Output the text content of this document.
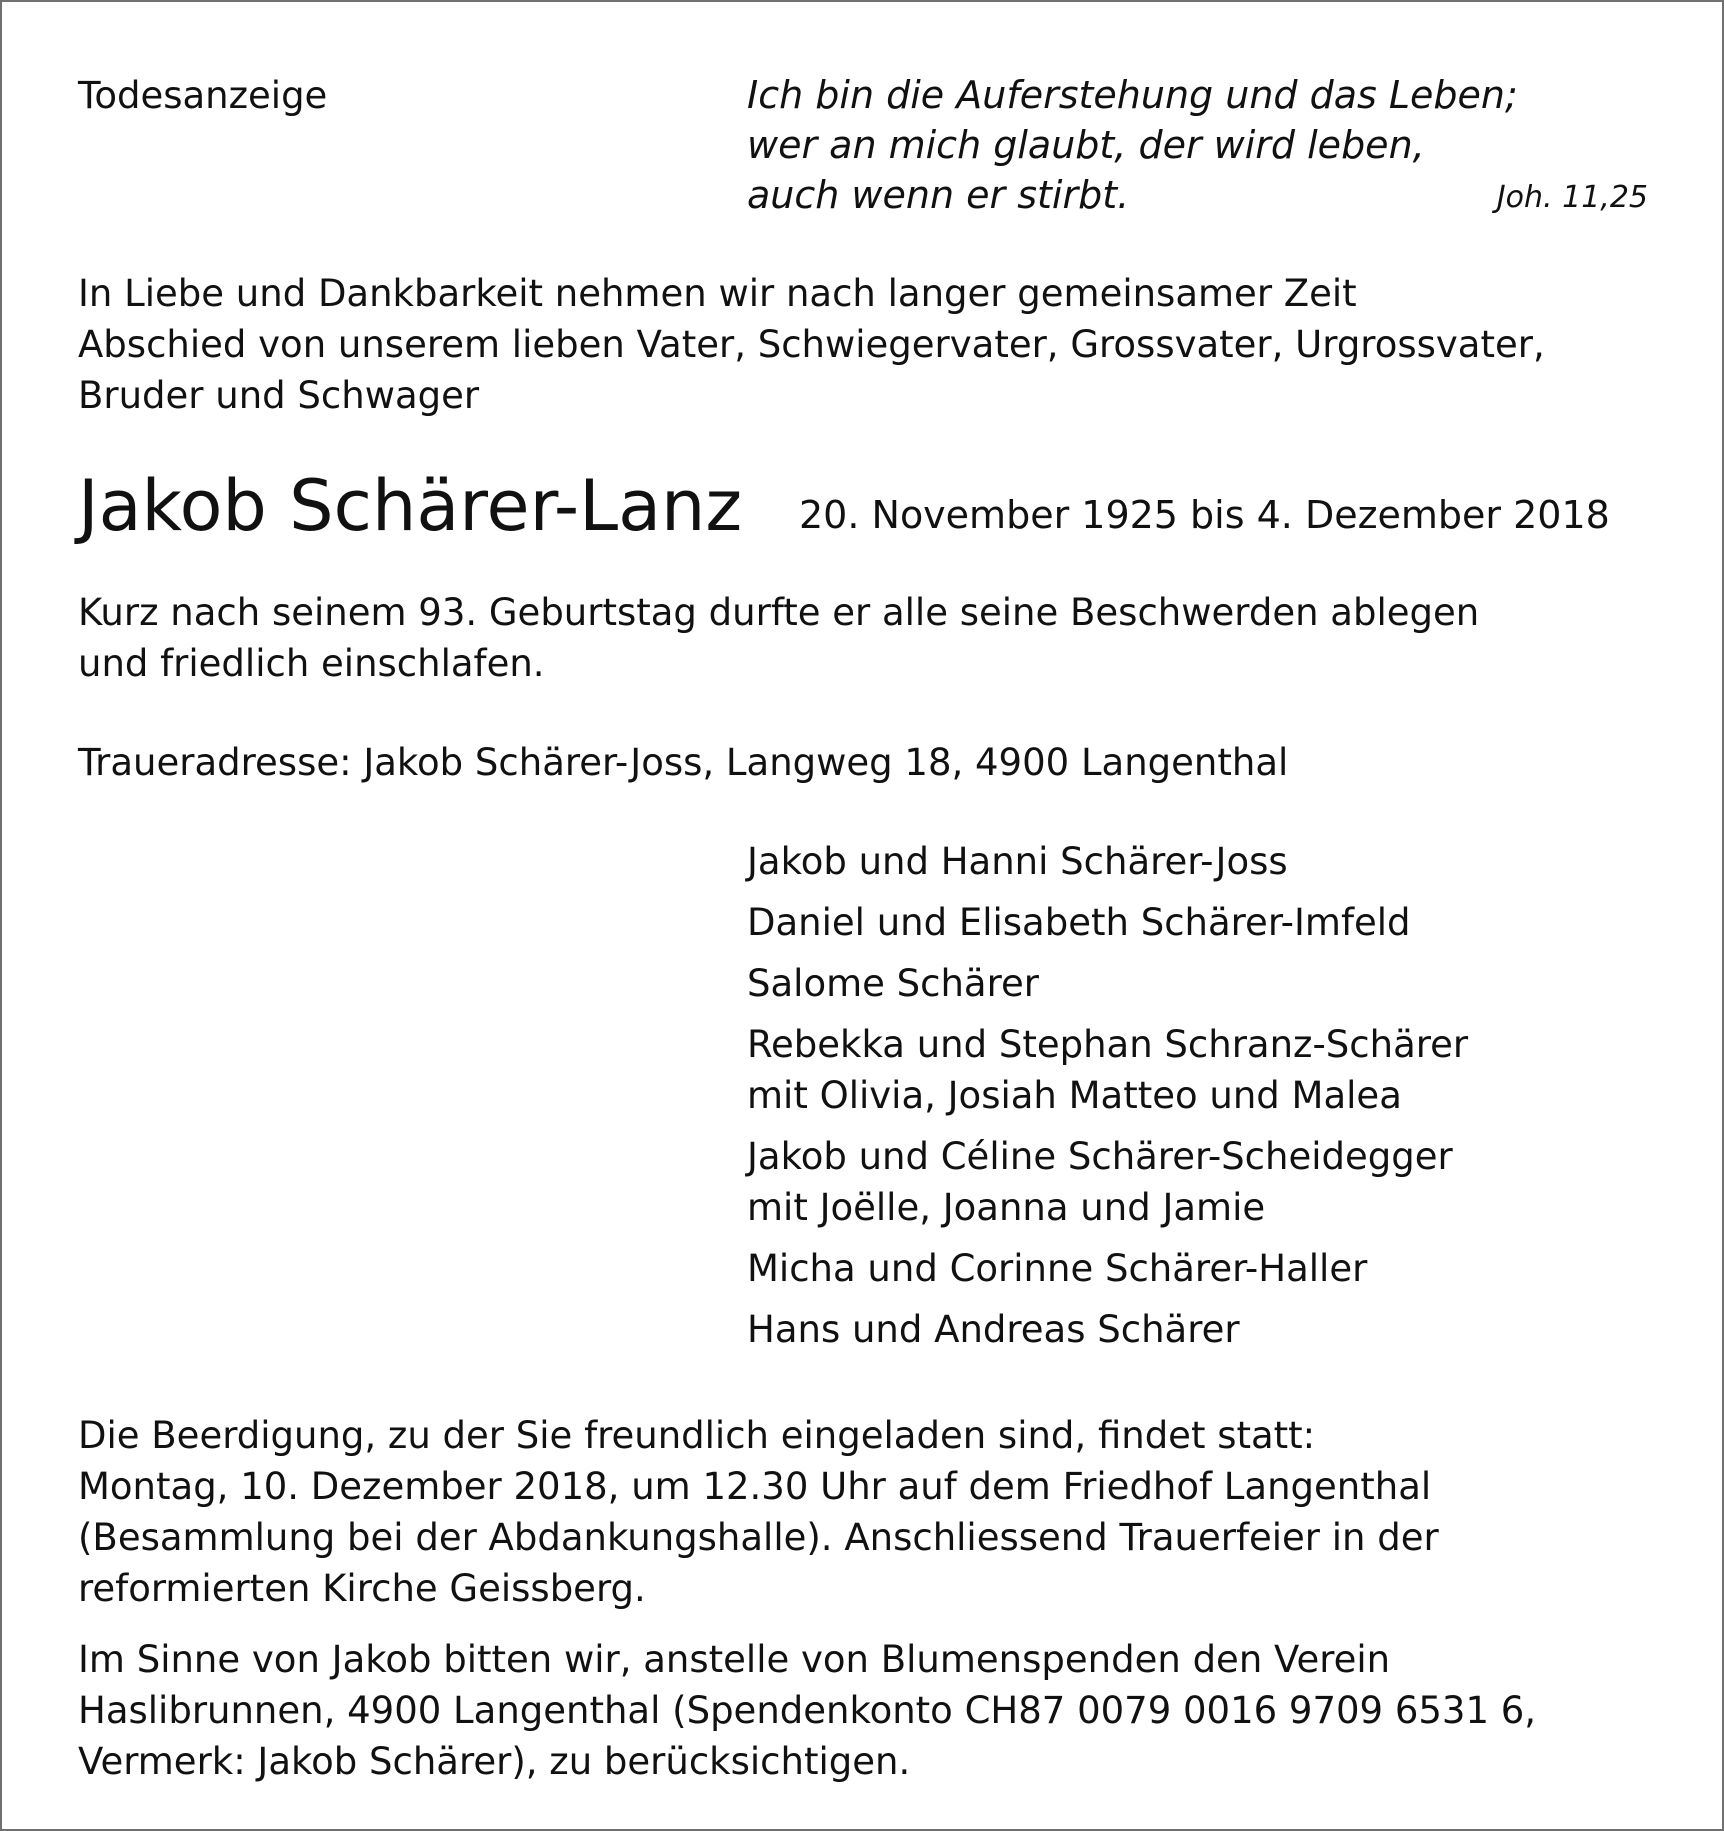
Todesanzeige	Ich bin die Auferstehung und das Leben;
wer an mich glaubt, der wird leben,
auch wenn er stirbt.	Joh. 11,25
In Liebe und Dankbarkeit nehmen wir nach langer gemeinsamer Zeit
Abschied von unserem lieben Vater, Schwiegervater, Grossvater, Urgrossvater,
Bruder und Schwager
Jakob Schärer-Lanz 20. November 1925 bis 4. Dezember 2018
Kurz nach seinem 93. Geburtstag durfte er alle seine Beschwerden ablegen
und friedlich einschlafen.
Traueradresse: Jakob Schärer-Joss, Langweg 18, 4900 Langenthal
Jakob und Hanni Schärer-Joss
Daniel und Elisabeth Schärer-Imfeld
Salome Schärer
Rebekka und Stephan Schranz-Schärer
mit Olivia, Josiah Matteo und Malea
Jakob und Céline Schärer-Scheidegger
mit Joëlle, Joanna und Jamie
Micha und Corinne Schärer-Haller
Hans und Andreas Schärer
Die Beerdigung, zu der Sie freundlich eingeladen sind, findet statt:
Montag, 10. Dezember 2018, um 12.30 Uhr auf dem Friedhof Langenthal
(Besammlung bei der Abdankungshalle). Anschliessend Trauerfeier in der
reformierten Kirche Geissberg.
Im Sinne von Jakob bitten wir, anstelle von Blumenspenden den Verein
Haslibrunnen, 4900 Langenthal (Spendenkonto CH87 0079 0016 9709 6531 6,
Vermerk: Jakob Schärer), zu berücksichtigen.
